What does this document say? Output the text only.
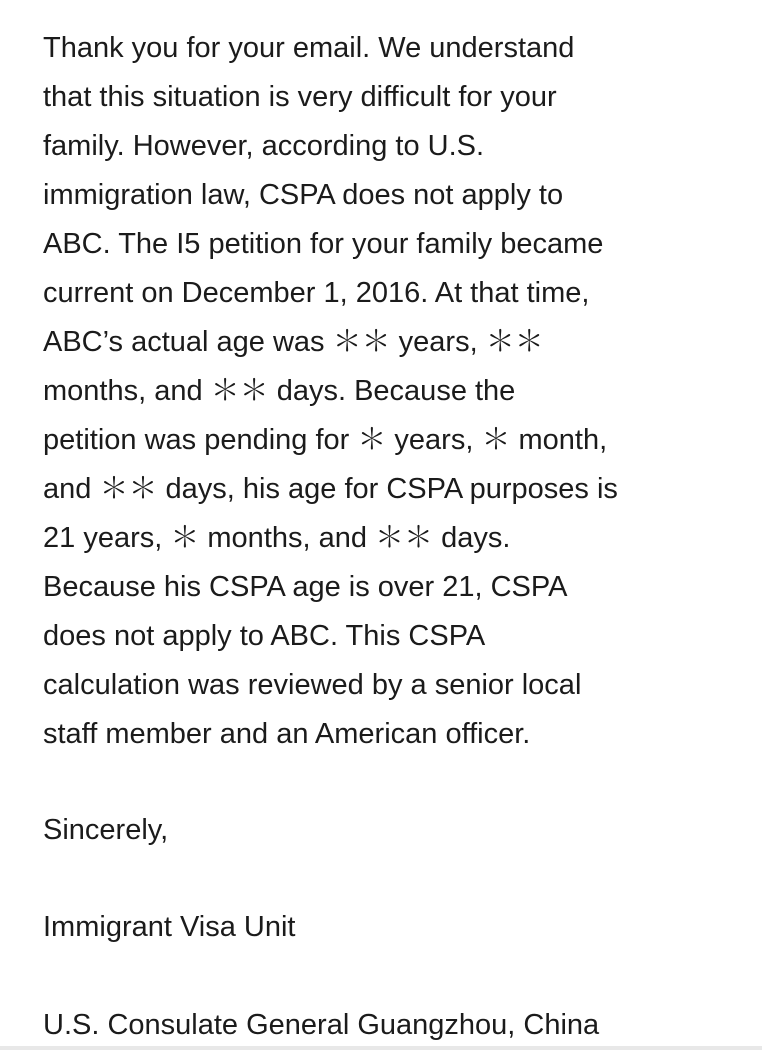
Thank you for your email. We understand

that this situation is very difficult for your

family. However, according to U.S.

immigration law, CSPA does not apply to

ABC. The I5 petition for your family became

current on December 1, 2016. At that time,

ABC’s actual age was ＊＊ years, ＊＊

months, and ＊＊ days. Because the

petition was pending for ＊ years, ＊ month,

and ＊＊ days, his age for CSPA purposes is

21 years, ＊ months, and ＊＊ days.

Because his CSPA age is over 21, CSPA

does not apply to ABC. This CSPA

calculation was reviewed by a senior local

staff member and an American officer.

Sincerely,

Immigrant Visa Unit

U.S. Consulate General Guangzhou, China
